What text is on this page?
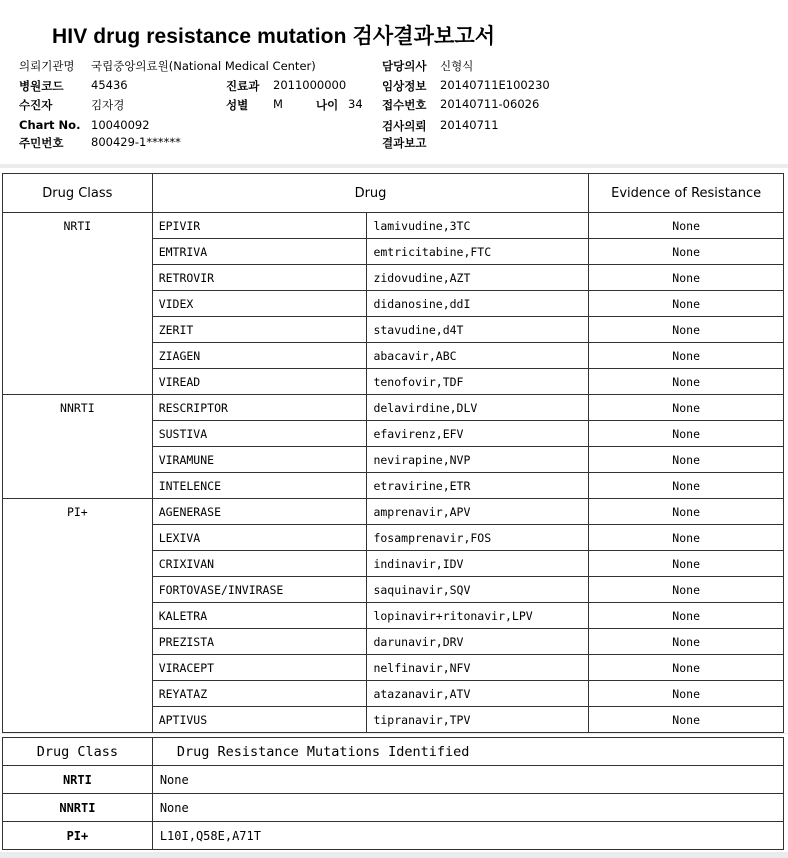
HIV drug resistance mutation 검사결과보고서
의뢰기관명 국립중앙의료원(National Medical Center)
병원코드 45436
수진자	김자경
Chart No. 10040092
주민번호 800429-1******
진료과 2011000000
성별 M	나이 34
담당의사 신형식
임상정보 20140711E100230
접수번호 20140711-06026
검사의뢰 20140711
결과보고
Drug Class	Drug		Evidence of Resistance
NRTI	EPIVIR	lamivudine,3TC	None
	EMTRIVA	emtricitabine,FTC	None
	RETROVIR	zidovudine,AZT	None
	VIDEX	didanosine,ddI	None
	ZERIT	stavudine,d4T	None
	ZIAGEN	abacavir,ABC	None
	VIREAD	tenofovir,TDF	None
NNRTI	RESCRIPTOR	delavirdine,DLV	None
	SUSTIVA	efavirenz,EFV	None
	VIRAMUNE	nevirapine,NVP	None
	INTELENCE	etravirine,ETR	None
PI+	AGENERASE	amprenavir,APV	None
	LEXIVA	fosamprenavir,FOS	None
	CRIXIVAN	indinavir,IDV	None
	FORTOVASE/INVIRASE	saquinavir,SQV	None
	KALETRA	lopinavir+ritonavir,LPV	None
	PREZISTA	darunavir,DRV	None
	VIRACEPT	nelfinavir,NFV	None
	REYATAZ	atazanavir,ATV	None
	APTIVUS	tipranavir,TPV	None
Drug Class	Drug Resistance Mutations Identified
NRTI	None
NNRTI	None
PI+	L10I,Q58E,A71T
